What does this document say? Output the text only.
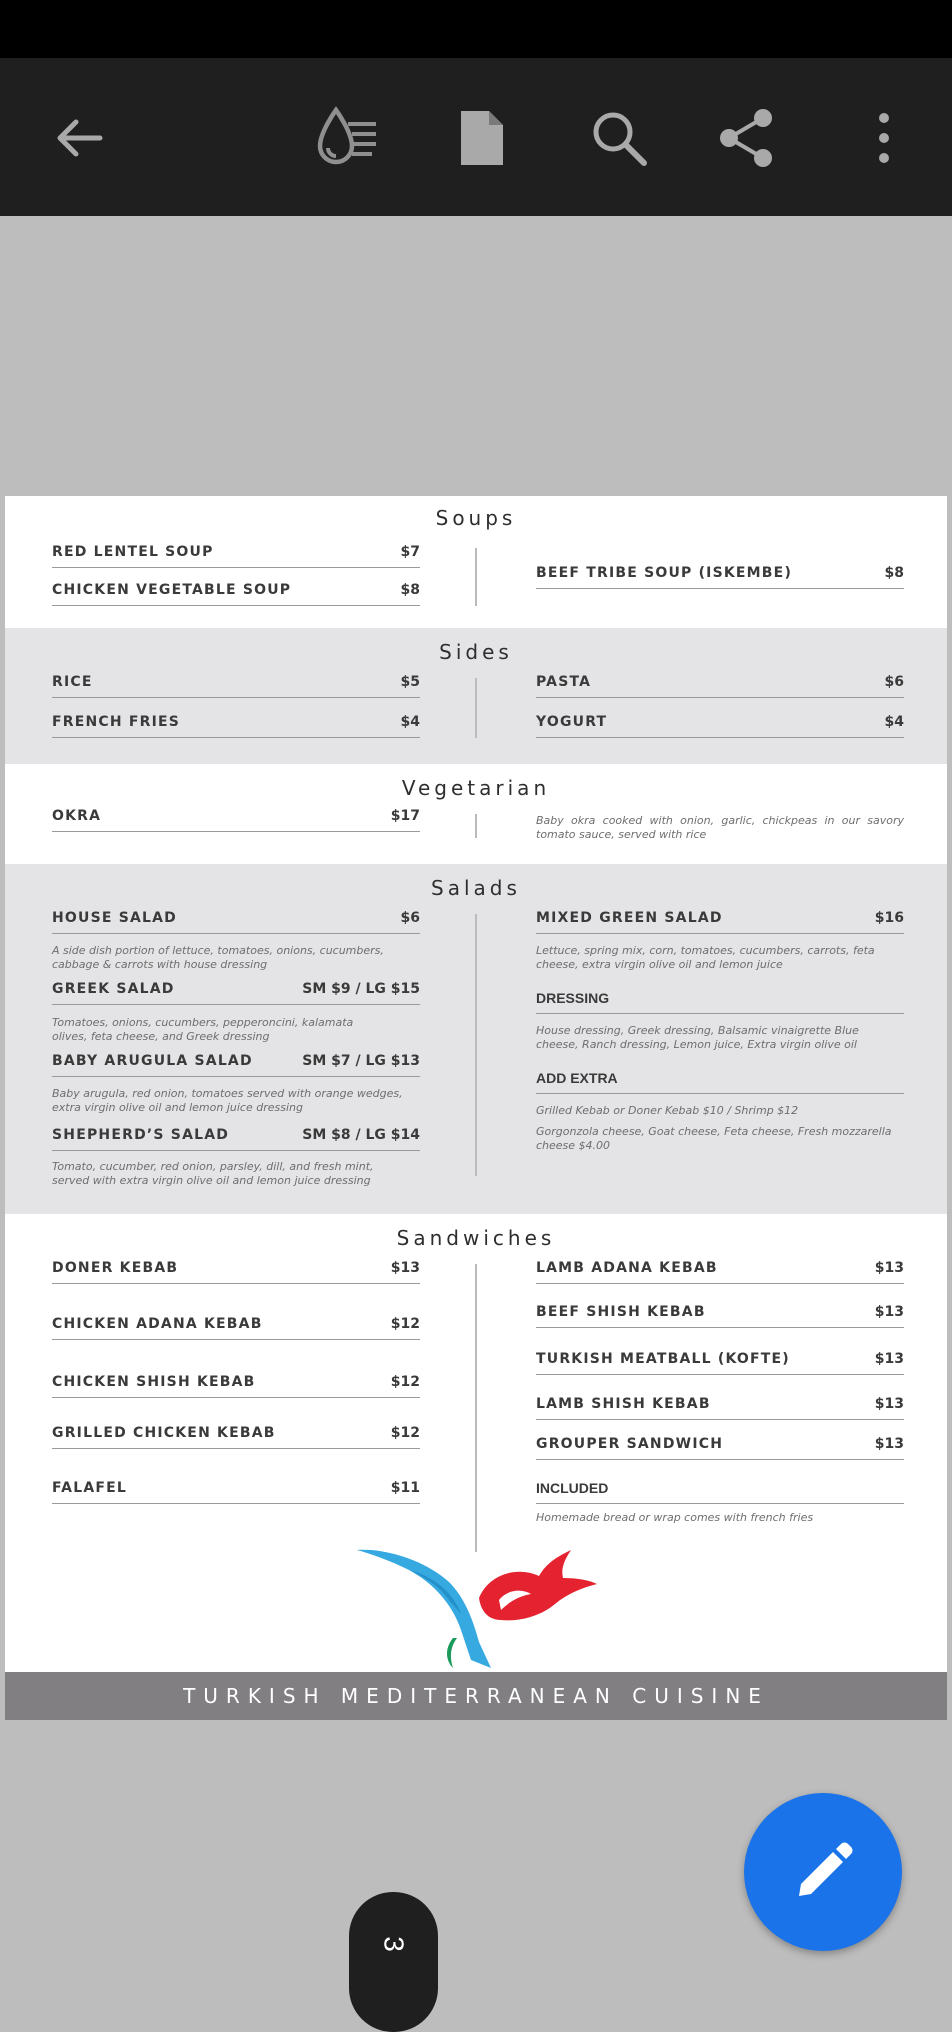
Soups
RED LENTEL SOUP	$7
CHICKEN VEGETABLE SOUP	$8
BEEF TRIBE SOUP (ISKEMBE)	$8
Sides
RICE	$5
FRENCH FRIES	$4
PASTA	$6
YOGURT	$4
Vegetarian
OKRA	$17	Baby okra cooked with onion, garlic, chickpeas in our savory tomato sauce, served with rice
Salads
HOUSE SALAD	$6
A side dish portion of lettuce, tomatoes, onions, cucumbers, cabbage & carrots with house dressing
GREEK SALAD	SM $9 / LG $15
Tomatoes, onions, cucumbers, pepperoncini, kalamata olives, feta cheese, and Greek dressing
BABY ARUGULA SALAD	SM $7 / LG $13
Baby arugula, red onion, tomatoes served with orange wedges, extra virgin olive oil and lemon juice dressing
SHEPHERD’S SALAD	SM $8 / LG $14
Tomato, cucumber, red onion, parsley, dill, and fresh mint, served with extra virgin olive oil and lemon juice dressing
MIXED GREEN SALAD	$16
Lettuce, spring mix, corn, tomatoes, cucumbers, carrots, feta cheese, extra virgin olive oil and lemon juice
DRESSING
House dressing, Greek dressing, Balsamic vinaigrette Blue cheese, Ranch dressing, Lemon juice, Extra virgin olive oil
ADD EXTRA
Grilled Kebab or Doner Kebab $10 / Shrimp $12
Gorgonzola cheese, Goat cheese, Feta cheese, Fresh mozzarella cheese $4.00
Sandwiches
DONER KEBAB	$13
CHICKEN ADANA KEBAB	$12
CHICKEN SHISH KEBAB	$12
GRILLED CHICKEN KEBAB	$12
FALAFEL	$11
LAMB ADANA KEBAB	$13
BEEF SHISH KEBAB	$13
TURKISH MEATBALL (KOFTE)	$13
LAMB SHISH KEBAB	$13
GROUPER SANDWICH	$13
INCLUDED
Homemade bread or wrap comes with french fries
TURKISH MEDITERRANEAN CUISINE
3
